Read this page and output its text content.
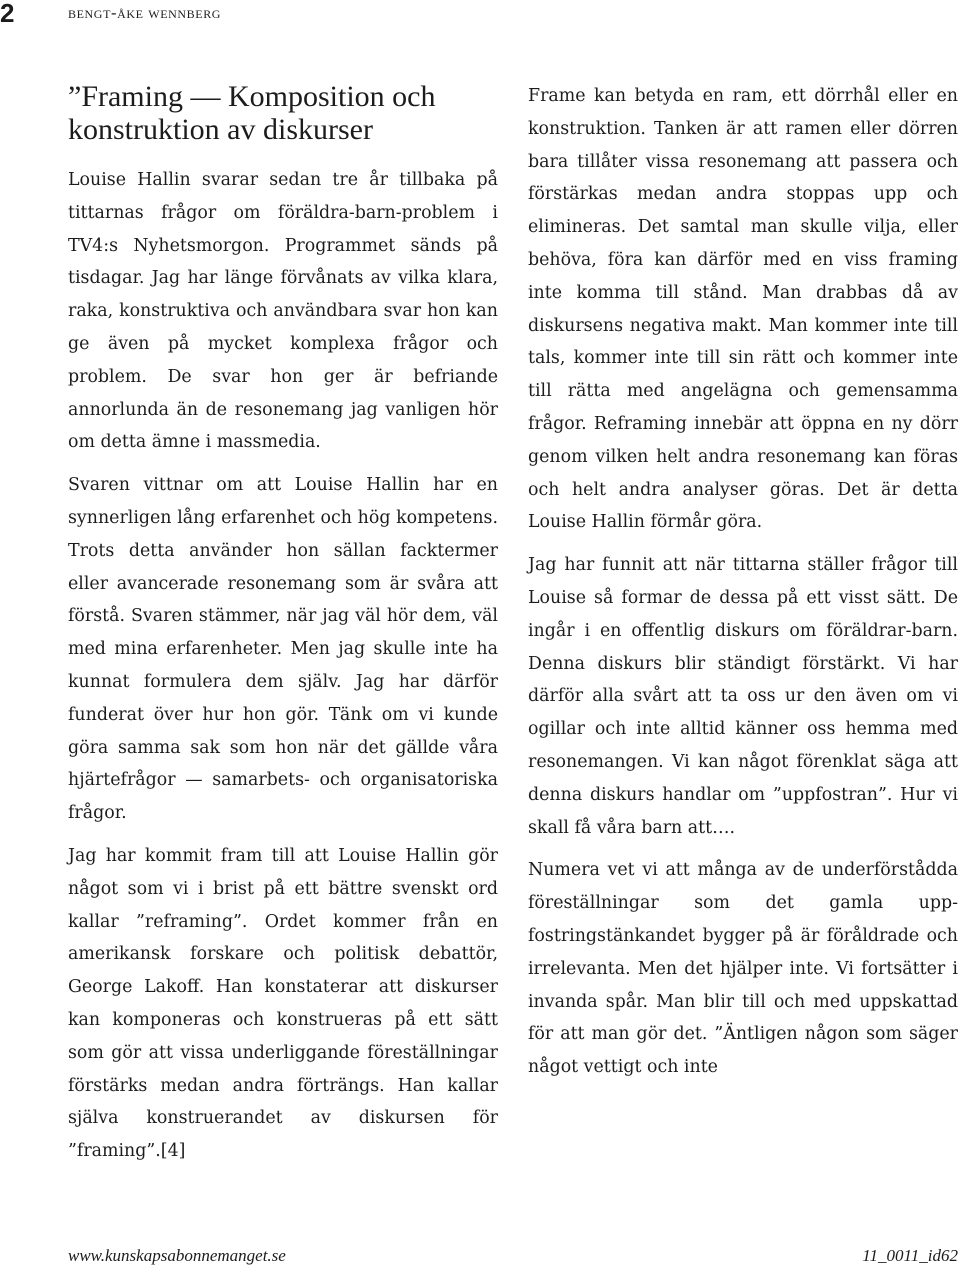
2	bengt-åke wennberg
”Framing — Komposition och konstruktion av diskurser

Louise Hallin svarar sedan tre år tillbaka på tittarnas frågor om föräldra-barn-problem i TV4:s Nyhetsmorgon. Programmet sänds på tisdagar. Jag har länge förvånats av vilka klara, raka, konstruktiva och användbara svar hon kan ge även på mycket komplexa frågor och problem. De svar hon ger är befriande annorlunda än de resonemang jag vanligen hör om detta ämne i massmedia.

Svaren vittnar om att Louise Hallin har en synnerligen lång erfarenhet och hög kompetens. Trots detta använder hon sällan facktermer eller avancerade resonemang som är svåra att förstå. Svaren stämmer, när jag väl hör dem, väl med mina erfarenheter. Men jag skulle inte ha kunnat formulera dem själv. Jag har därför funderat över hur hon gör. Tänk om vi kunde göra samma sak som hon när det gällde våra hjärtefrågor — samarbets- och organisatoriska frågor.

Jag har kommit fram till att Louise Hallin gör något som vi i brist på ett bättre svenskt ord kallar ”reframing”. Ordet kommer från en amerikansk forskare och politisk debattör, George Lakoff. Han konstaterar att diskurser kan komponeras och konstrueras på ett sätt som gör att vissa underliggande föreställningar förstärks medan andra förträngs. Han kallar själva konstruerandet av diskursen för ”framing”.[4]

Frame kan betyda en ram, ett dörrhål eller en konstruktion. Tanken är att ramen eller dörren bara tillåter vissa resonemang att passera och förstärkas medan andra stoppas upp och elimineras. Det samtal man skulle vilja, eller behöva, föra kan därför med en viss framing inte komma till stånd. Man drabbas då av diskursens negativa makt. Man kommer inte till tals, kommer inte till sin rätt och kommer inte till rätta med angelägna och gemensamma frågor. Reframing innebär att öppna en ny dörr genom vilken helt andra resonemang kan föras och helt andra analyser göras. Det är detta Louise Hallin förmår göra.

Jag har funnit att när tittarna ställer frågor till Louise så formar de dessa på ett visst sätt. De ingår i en offentlig diskurs om föräldrar-barn. Denna diskurs blir ständigt förstärkt. Vi har därför alla svårt att ta oss ur den även om vi ogillar och inte alltid känner oss hemma med resonemangen. Vi kan något förenklat säga att denna diskurs handlar om ”uppfostran”. Hur vi skall få våra barn att….

Numera vet vi att många av de underförstådda föreställningar som det gamla uppfostringstänkandet bygger på är föråldrade och irrelevanta. Men det hjälper inte. Vi fortsätter i invanda spår. Man blir till och med uppskattad för att man gör det. ”Äntligen någon som säger något vettigt och inte

www.kunskapsabonnemanget.se	11_0011_id62
